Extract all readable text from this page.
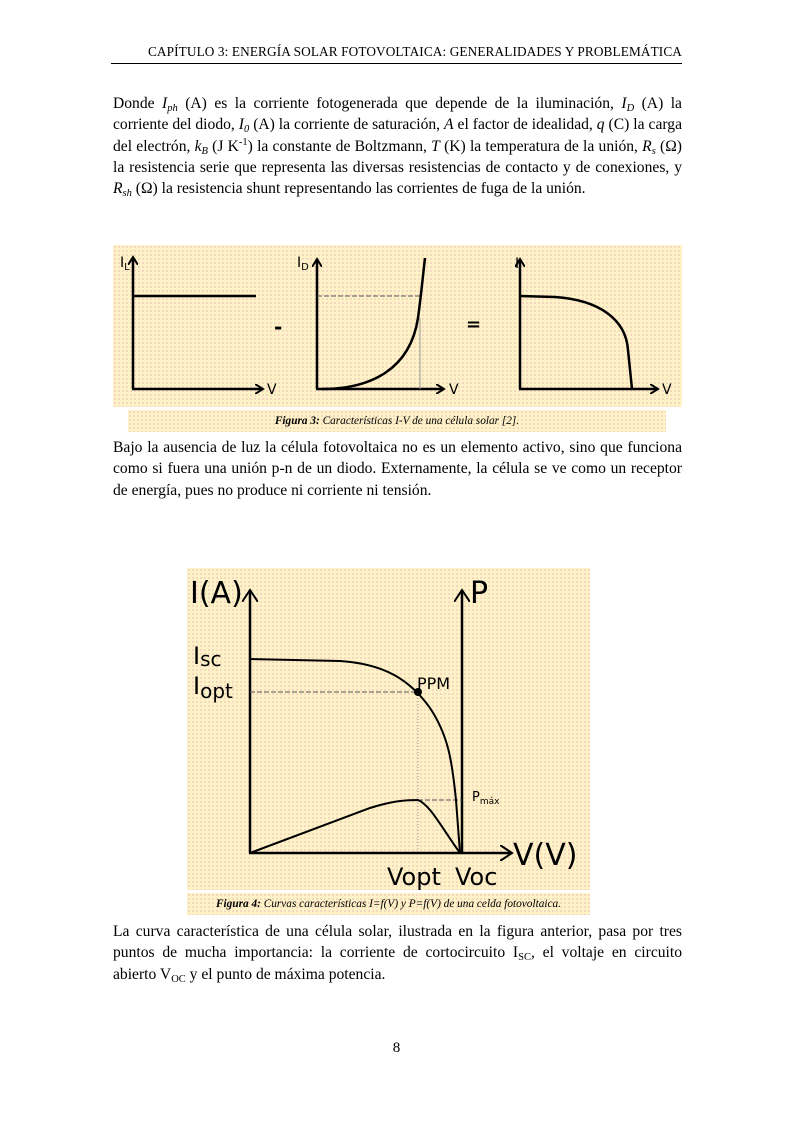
CAPÍTULO 3: ENERGÍA SOLAR FOTOVOLTAICA: GENERALIDADES Y PROBLEMÁTICA

Donde $I_{ph}$ (A) es la corriente fotogenerada que depende de la iluminación, $I_D$ (A) la corriente del diodo, $I_0$ (A) la corriente de saturación, A el factor de idealidad, q (C) la carga del electrón, $k_B$ (J $K^{-1}$) la constante de Boltzmann, T (K) la temperatura de la unión, $R_s$ (Ω) la resistencia serie que representa las diversas resistencias de contacto y de conexiones, y $R_{sh}$ (Ω) la resistencia shunt representando las corrientes de fuga de la unión.

$I_L$
V
-
$I_D$
V
=
I
V
Figura 3: Características I-V de una célula solar [2].

Bajo la ausencia de luz la célula fotovoltaica no es un elemento activo, sino que funciona como si fuera una unión p-n de un diodo. Externamente, la célula se ve como un receptor de energía, pues no produce ni corriente ni tensión.

I(A)	P
V(V)
Isc
Iopt	PPM
$P_{máx}$
Vopt Voc
Figura 4: Curvas características I=f(V) y P=f(V) de una celda fotovoltaica.

La curva característica de una célula solar, ilustrada en la figura anterior, pasa por tres puntos de mucha importancia: la corriente de cortocircuito $I_{SC}$, el voltaje en circuito abierto $V_{OC}$ y el punto de máxima potencia.

8
